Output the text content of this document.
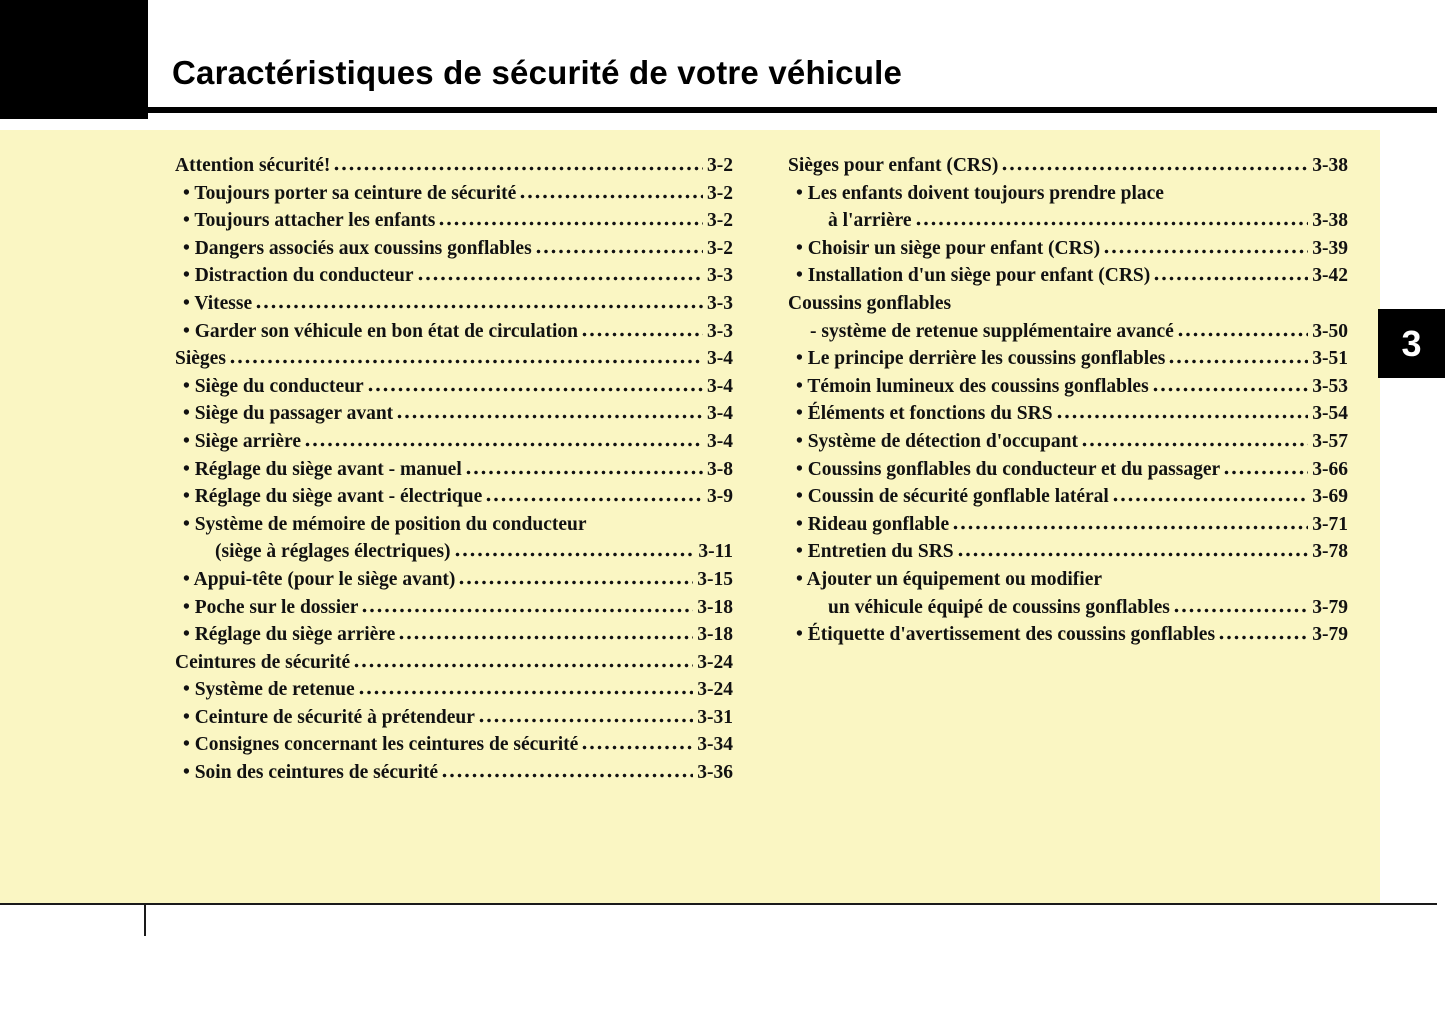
Caractéristiques de sécurité de votre véhicule
Attention sécurité!	3-2
• Toujours porter sa ceinture de sécurité	3-2
• Toujours attacher les enfants	3-2
• Dangers associés aux coussins gonflables	3-2
• Distraction du conducteur	3-3
• Vitesse	3-3
• Garder son véhicule en bon état de circulation	3-3
Sièges	3-4
• Siège du conducteur	3-4
• Siège du passager avant	3-4
• Siège arrière	3-4
• Réglage du siège avant - manuel	3-8
• Réglage du siège avant - électrique	3-9
• Système de mémoire de position du conducteur
(siège à réglages électriques)	3-11
• Appui-tête (pour le siège avant)	3-15
• Poche sur le dossier	3-18
• Réglage du siège arrière	3-18
Ceintures de sécurité	3-24
• Système de retenue	3-24
• Ceinture de sécurité à prétendeur	3-31
• Consignes concernant les ceintures de sécurité	3-34
• Soin des ceintures de sécurité	3-36
Sièges pour enfant (CRS)	3-38
• Les enfants doivent toujours prendre place
à l'arrière	3-38
• Choisir un siège pour enfant (CRS)	3-39
• Installation d'un siège pour enfant (CRS)	3-42
Coussins gonflables
- système de retenue supplémentaire avancé	3-50
• Le principe derrière les coussins gonflables	3-51
• Témoin lumineux des coussins gonflables	3-53
• Éléments et fonctions du SRS	3-54
• Système de détection d'occupant	3-57
• Coussins gonflables du conducteur et du passager	3-66
• Coussin de sécurité gonflable latéral	3-69
• Rideau gonflable	3-71
• Entretien du SRS	3-78
• Ajouter un équipement ou modifier
un véhicule équipé de coussins gonflables	3-79
• Étiquette d'avertissement des coussins gonflables	3-79
3
